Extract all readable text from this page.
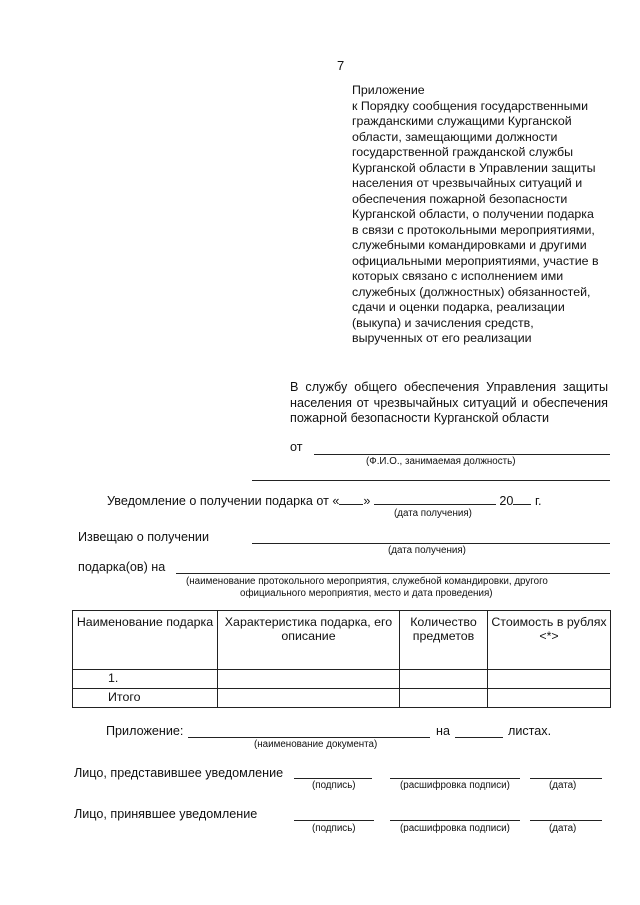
7
Приложение
к Порядку сообщения государственными
гражданскими служащими Курганской
области, замещающими должности
государственной гражданской службы
Курганской области в Управлении защиты
населения от чрезвычайных ситуаций и
обеспечения пожарной безопасности
Курганской области, о получении подарка
в связи с протокольными мероприятиями,
служебными командировками и другими
официальными мероприятиями, участие в
которых связано с исполнением ими
служебных (должностных) обязанностей,
сдачи и оценки подарка, реализации
(выкупа) и зачисления средств,
вырученных от его реализации
В службу общего обеспечения Управления защиты населения от чрезвычайных ситуаций и обеспечения пожарной безопасности Курганской области
от
(Ф.И.О., занимаемая должность)
Уведомление о получении подарка от « »	20 г.
(дата получения)
Извещаю о получении
(дата получения)
подарка(ов) на
(наименование протокольного мероприятия, служебной командировки, другого
официального мероприятия, место и дата проведения)
Наименование подарка	Характеристика подарка, его описание	Количество предметов	Стоимость в рублях <*>
1.			
Итого			
Приложение:	на	листах.
(наименование документа)
Лицо, представившее уведомление
(подпись)	(расшифровка подписи)	(дата)
Лицо, принявшее уведомление
(подпись)	(расшифровка подписи)	(дата)
